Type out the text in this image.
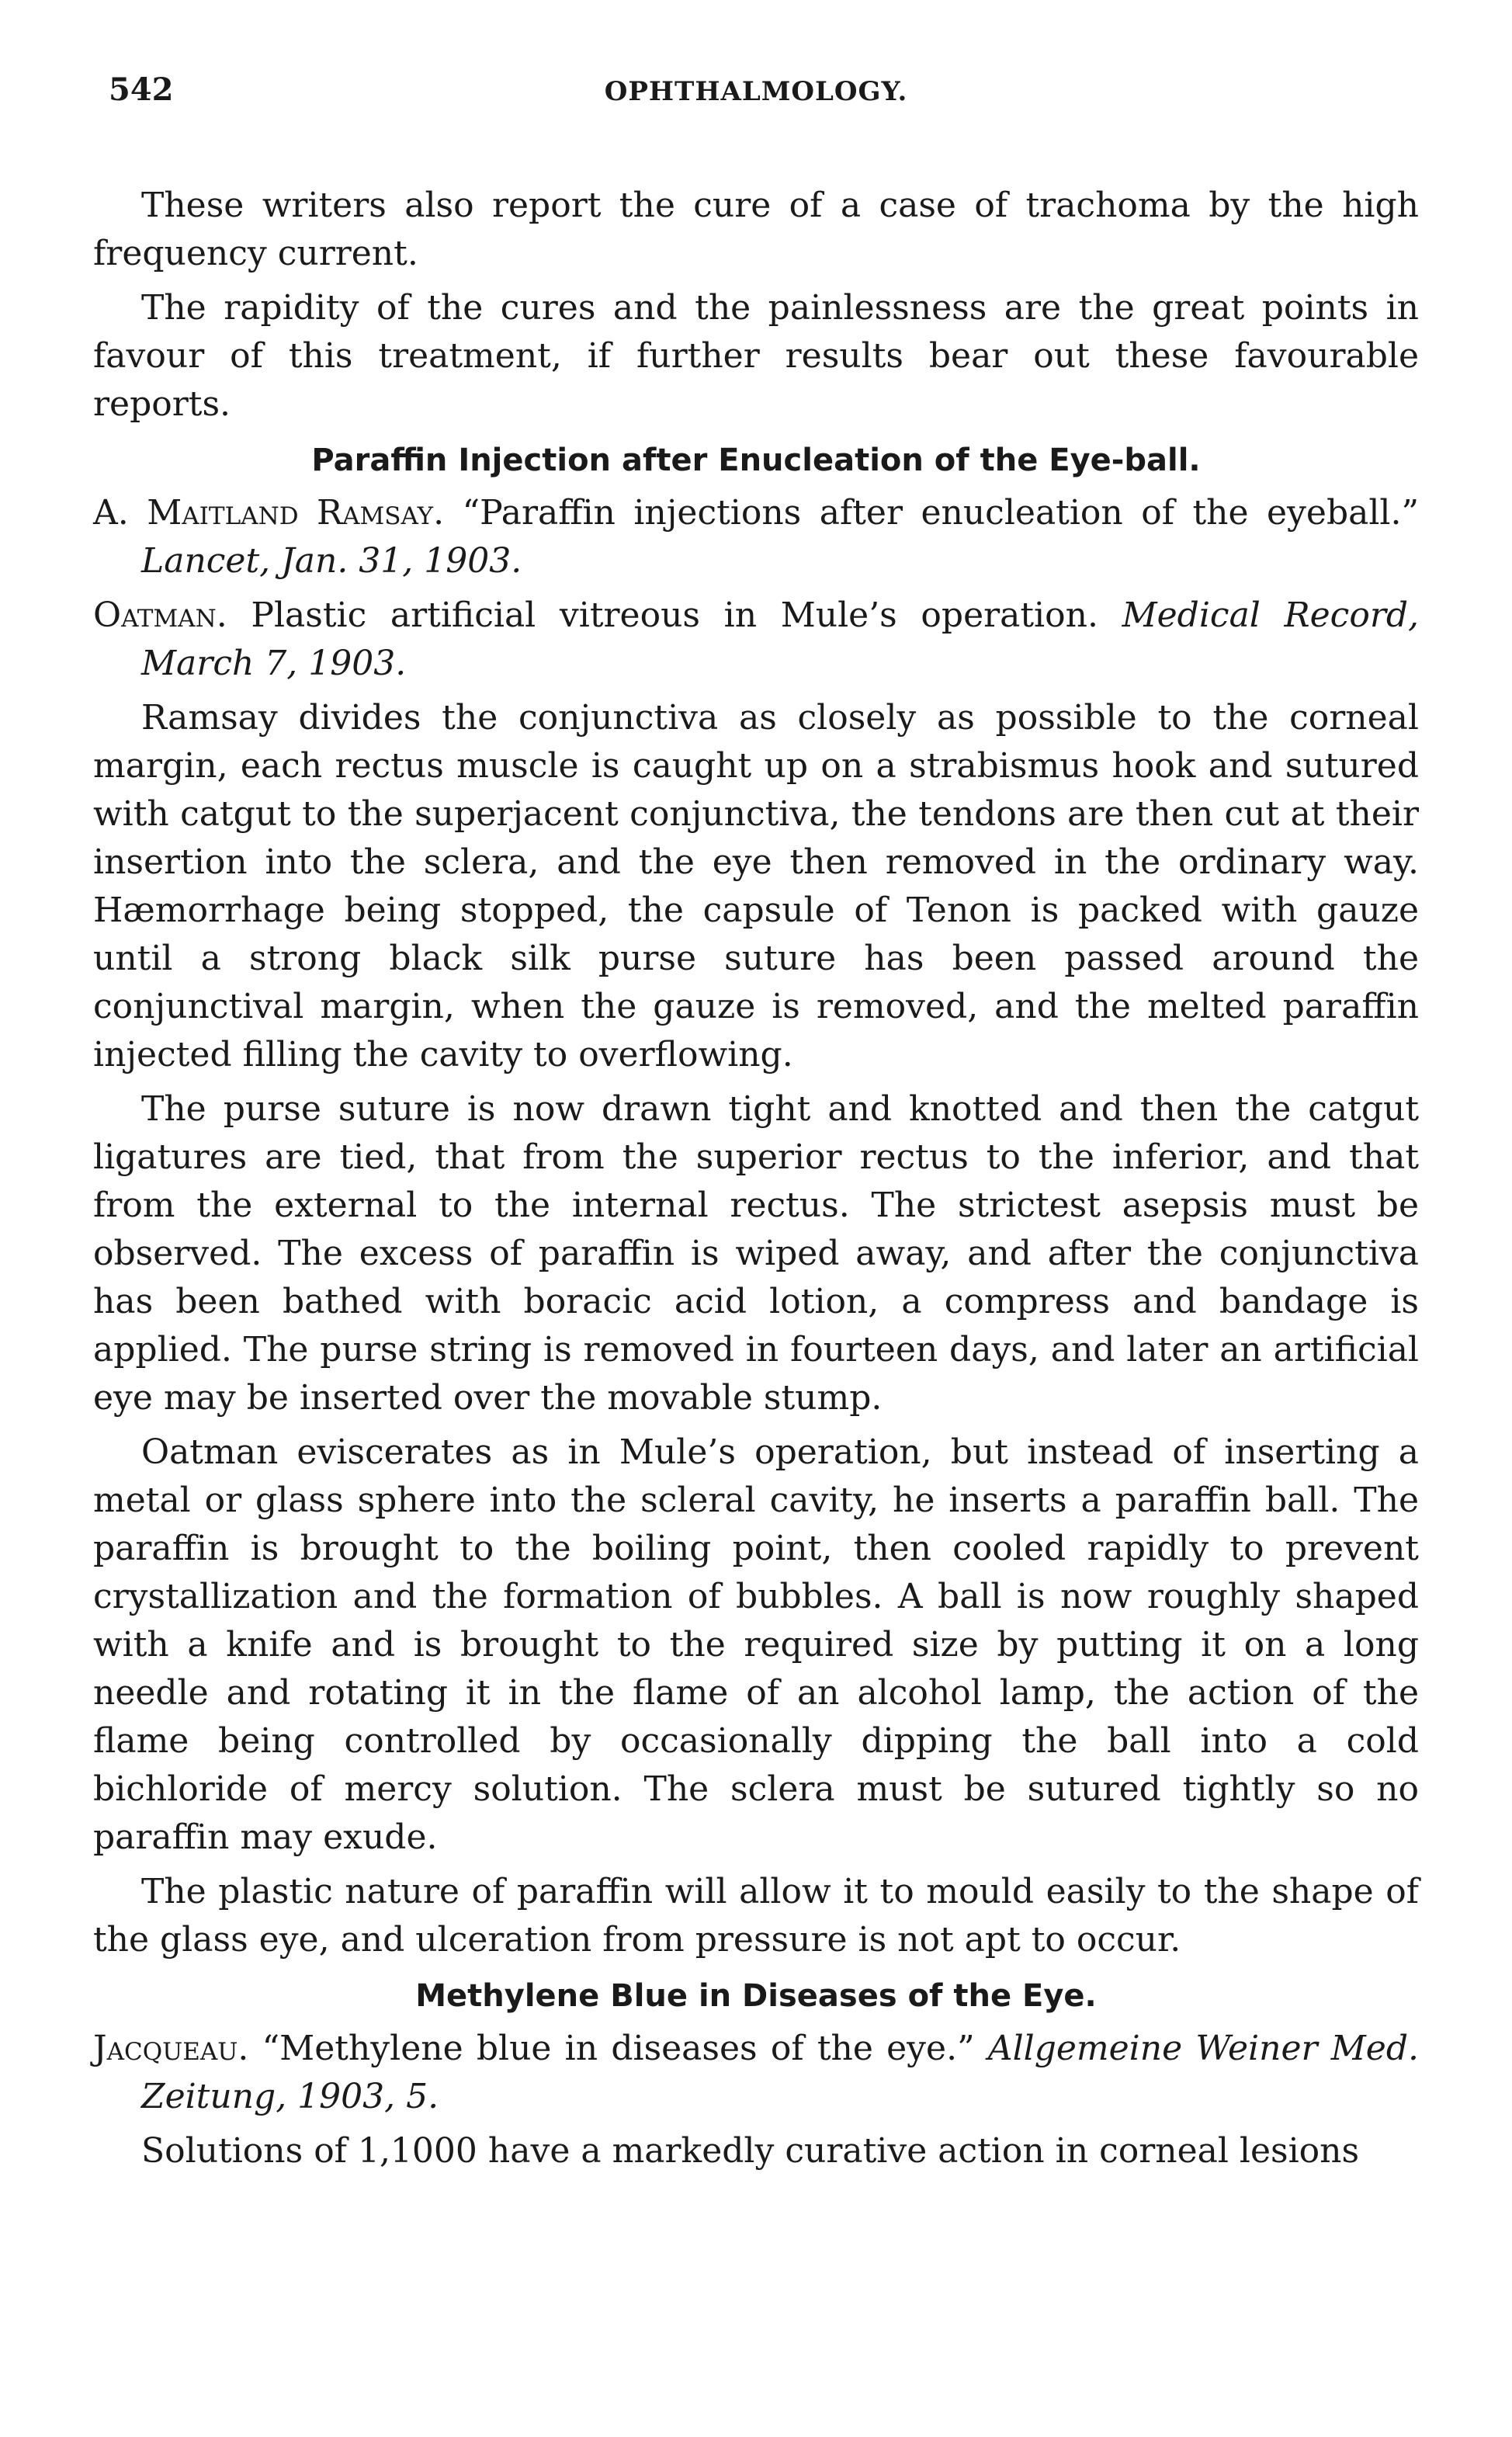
542	OPHTHALMOLOGY.

These writers also report the cure of a case of trachoma by the high frequency current.

The rapidity of the cures and the painlessness are the great points in favour of this treatment, if further results bear out these favourable reports.

Paraffin Injection after Enucleation of the Eye-ball.

A. Maitland Ramsay. “Paraffin injections after enucleation of the eyeball.” Lancet, Jan. 31, 1903.

Oatman. Plastic artificial vitreous in Mule’s operation. Medical Record, March 7, 1903.

Ramsay divides the conjunctiva as closely as possible to the corneal margin, each rectus muscle is caught up on a strabismus hook and sutured with catgut to the superjacent conjunctiva, the tendons are then cut at their insertion into the sclera, and the eye then removed in the ordinary way. Hæmorrhage being stopped, the capsule of Tenon is packed with gauze until a strong black silk purse suture has been passed around the conjunctival margin, when the gauze is removed, and the melted paraffin injected filling the cavity to overflowing.

The purse suture is now drawn tight and knotted and then the catgut ligatures are tied, that from the superior rectus to the inferior, and that from the external to the internal rectus. The strictest asepsis must be observed. The excess of paraffin is wiped away, and after the conjunctiva has been bathed with boracic acid lotion, a compress and bandage is applied. The purse string is removed in fourteen days, and later an artificial eye may be inserted over the movable stump.

Oatman eviscerates as in Mule’s operation, but instead of inserting a metal or glass sphere into the scleral cavity, he inserts a paraffin ball. The paraffin is brought to the boiling point, then cooled rapidly to prevent crystallization and the formation of bubbles. A ball is now roughly shaped with a knife and is brought to the required size by putting it on a long needle and rotating it in the flame of an alcohol lamp, the action of the flame being controlled by occasionally dipping the ball into a cold bichloride of mercy solution. The sclera must be sutured tightly so no paraffin may exude.

The plastic nature of paraffin will allow it to mould easily to the shape of the glass eye, and ulceration from pressure is not apt to occur.

Methylene Blue in Diseases of the Eye.

Jacqueau. “Methylene blue in diseases of the eye.” Allgemeine Weiner Med. Zeitung, 1903, 5.

Solutions of 1,1000 have a markedly curative action in corneal lesions
